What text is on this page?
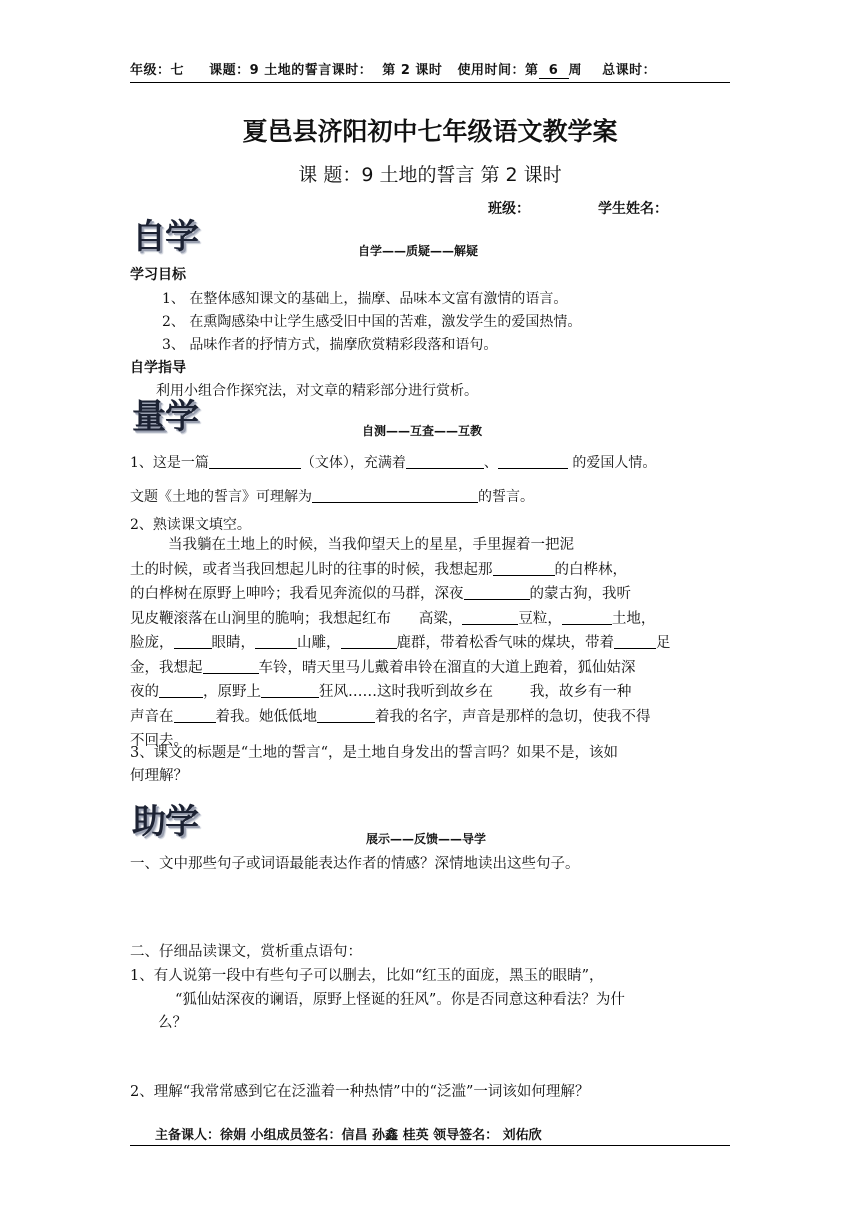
年级：七 课题：9 土地的誓言课时： 第 2 课时 使用时间：第 6 周 总课时：
夏邑县济阳初中七年级语文教学案
课 题：9 土地的誓言 第 2 课时
班级：	学生姓名：
自学	自学——质疑——解疑
学习目标
1、 在整体感知课文的基础上，揣摩、品味本文富有激情的语言。
2、 在熏陶感染中让学生感受旧中国的苦难，激发学生的爱国热情。
3、 品味作者的抒情方式，揣摩欣赏精彩段落和语句。
自学指导
利用小组合作探究法，对文章的精彩部分进行赏析。
量学	自测——互查——互教
1、这是一篇	（文体），充满着	、	的爱国人情。
文题《土地的誓言》可理解为	的誓言。
2、熟读课文填空。
当我躺在土地上的时候，当我仰望天上的星星，手里握着一把泥
土的时候，或者当我回想起儿时的往事的时候，我想起那	的白桦林，
的白桦树在原野上呻吟；我看见奔流似的马群，深夜	的蒙古狗，我听
见皮鞭滚落在山涧里的脆响；我想起红布 高粱，	豆粒，	土地，
脸庞，	眼睛，	山雕，	鹿群，带着松香气味的煤块，带着	足
金，我想起	车铃，晴天里马儿戴着串铃在溜直的大道上跑着，狐仙姑深
夜的	，原野上	狂风……这时我听到故乡在	我，故乡有一种
声音在	着我。她低低地	着我的名字，声音是那样的急切，使我不得
不回去。
3、课文的标题是“土地的誓言“，是土地自身发出的誓言吗？如果不是，该如
何理解？
助学	展示——反馈——导学
一、文中那些句子或词语最能表达作者的情感？深情地读出这些句子。
二、仔细品读课文，赏析重点语句：
1、有人说第一段中有些句子可以删去，比如“红玉的面庞，黑玉的眼睛”，
“狐仙姑深夜的谰语，原野上怪诞的狂风”。你是否同意这种看法？为什
么？
2、理解“我常常感到它在泛滥着一种热情”中的“泛滥”一词该如何理解？
主备课人：徐娟 小组成员签名：信昌 孙鑫 桂英 领导签名： 刘佑欣
